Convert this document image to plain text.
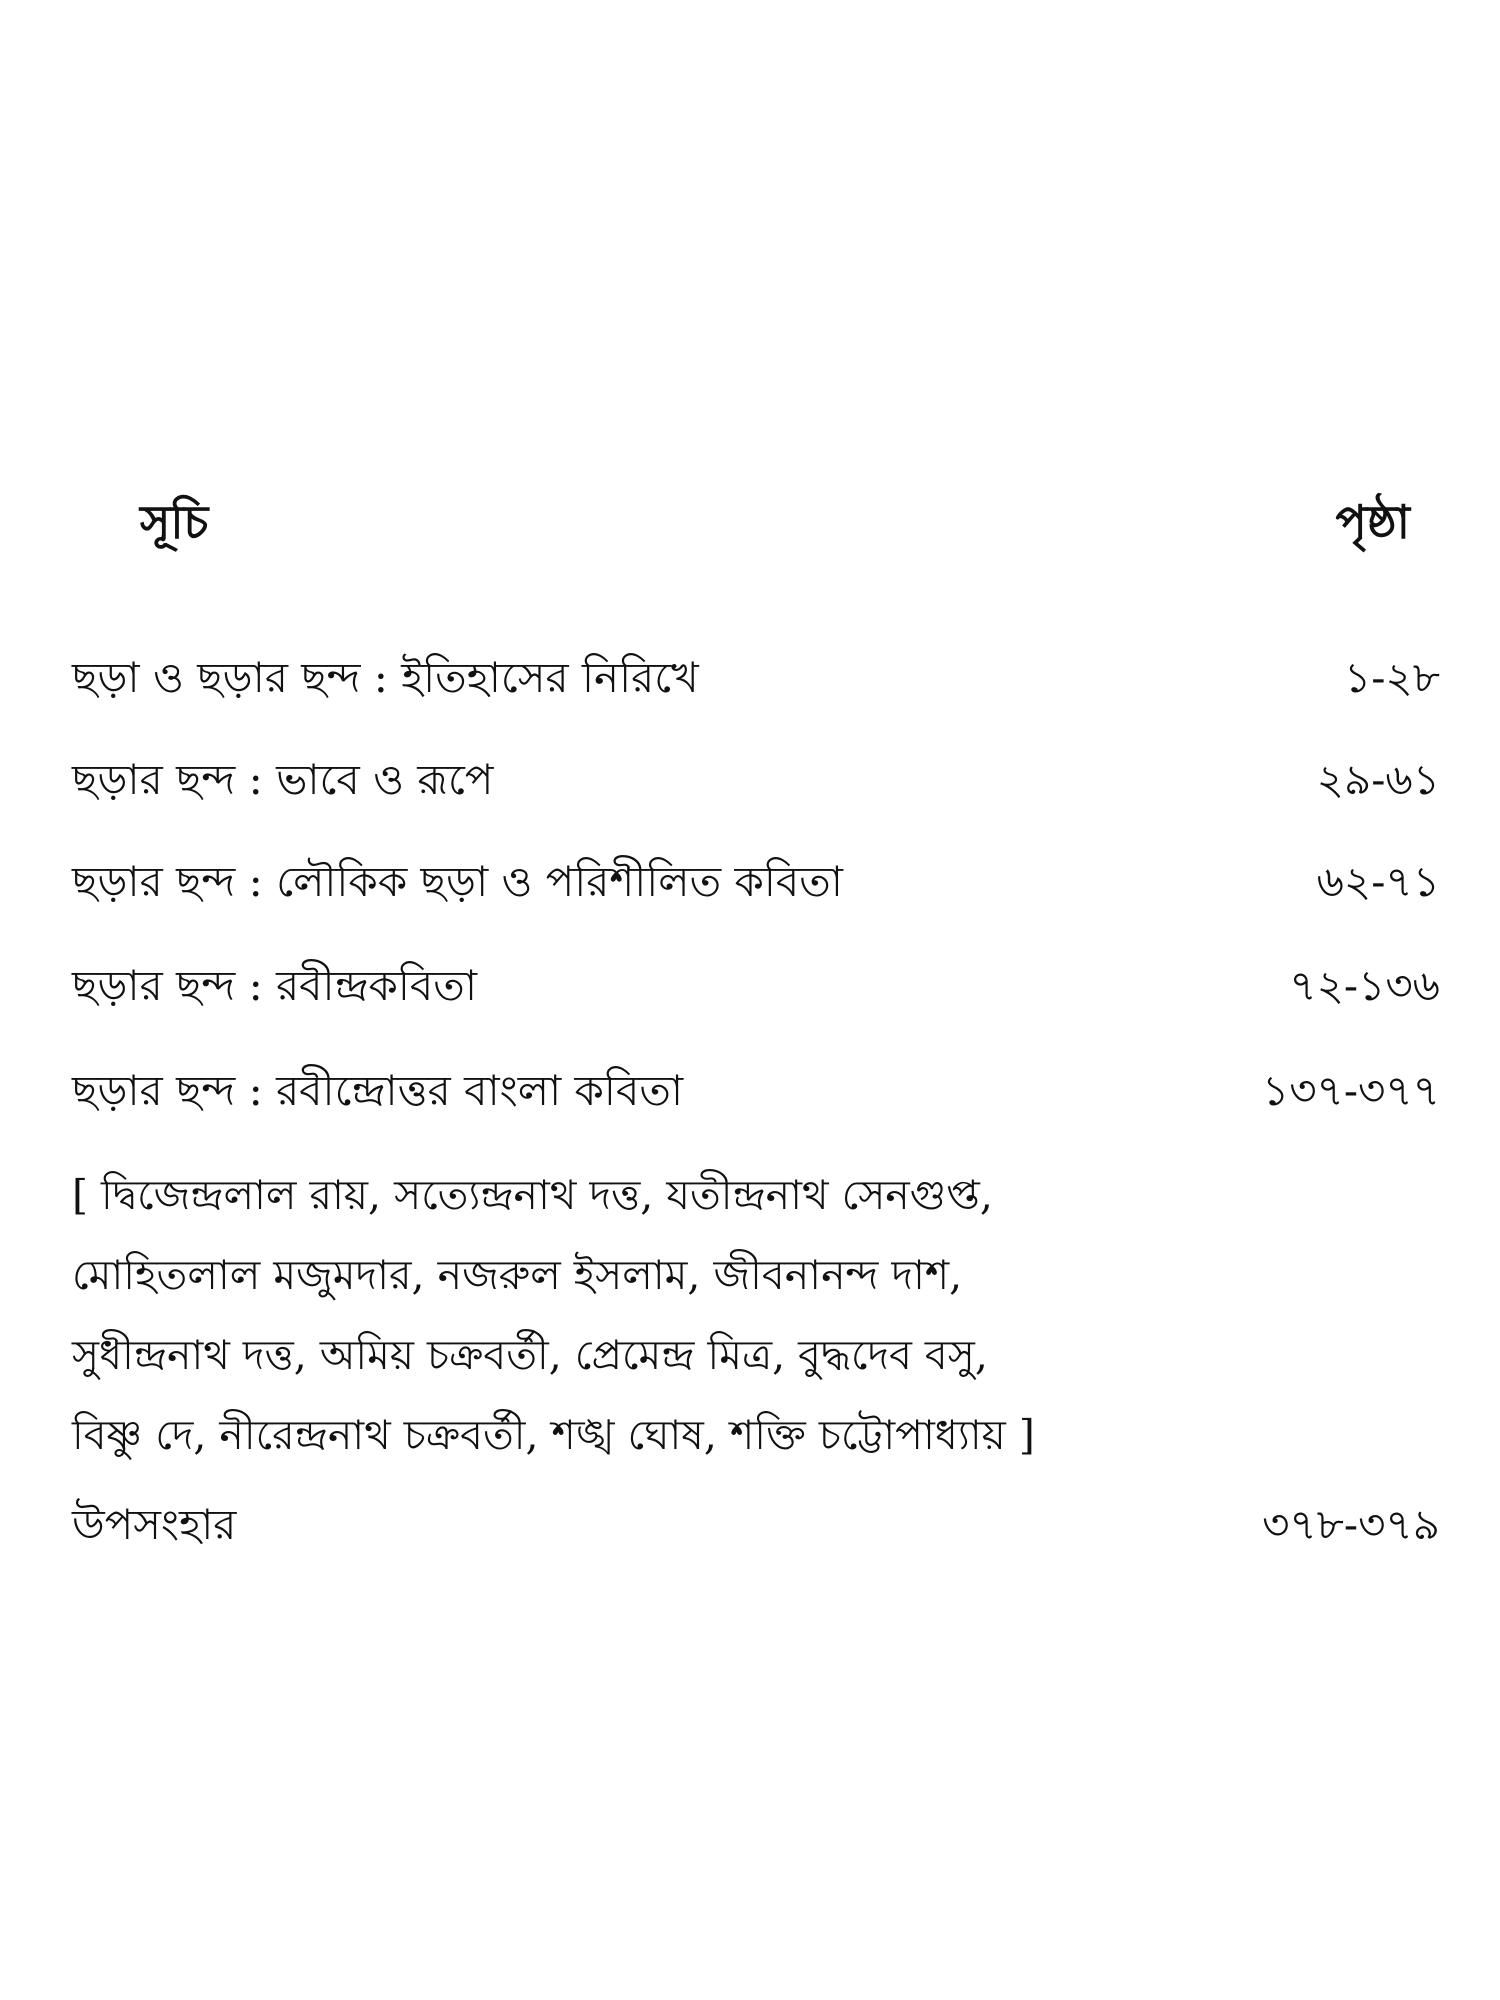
সূচি	পৃষ্ঠা
ছড়া ও ছড়ার ছন্দ : ইতিহাসের নিরিখে	১-২৮
ছড়ার ছন্দ : ভাবে ও রূপে	২৯-৬১
ছড়ার ছন্দ : লৌকিক ছড়া ও পরিশীলিত কবিতা	৬২-৭১
ছড়ার ছন্দ : রবীন্দ্রকবিতা	৭২-১৩৬
ছড়ার ছন্দ : রবীন্দ্রোত্তর বাংলা কবিতা	১৩৭-৩৭৭
[ দ্বিজেন্দ্রলাল রায়, সত্যেন্দ্রনাথ দত্ত, যতীন্দ্রনাথ সেনগুপ্ত,
মোহিতলাল মজুমদার, নজরুল ইসলাম, জীবনানন্দ দাশ,
সুধীন্দ্রনাথ দত্ত, অমিয় চক্রবর্তী, প্রেমেন্দ্র মিত্র, বুদ্ধদেব বসু,
বিষ্ণু দে, নীরেন্দ্রনাথ চক্রবর্তী, শঙ্খ ঘোষ, শক্তি চট্টোপাধ্যায় ]
উপসংহার	৩৭৮-৩৭৯
